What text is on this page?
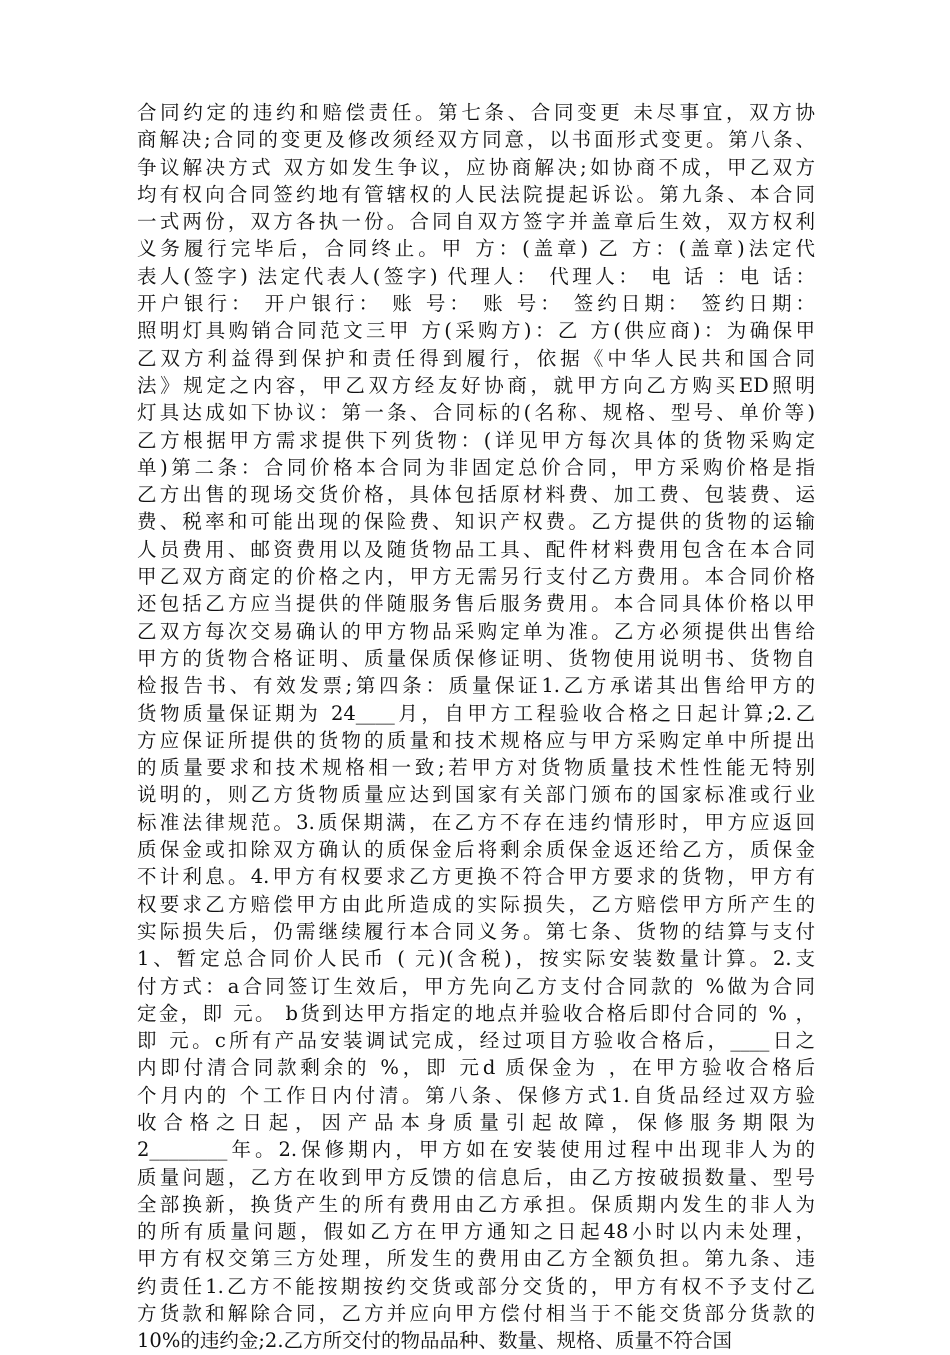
合同约定的违约和赔偿责任。第七条、合同变更 未尽事宜，双方协
商解决;合同的变更及修改须经双方同意，以书面形式变更。第八条、
争议解决方式 双方如发生争议，应协商解决;如协商不成，甲乙双方
均有权向合同签约地有管辖权的人民法院提起诉讼。第九条、本合同
一式两份，双方各执一份。合同自双方签字并盖章后生效，双方权利
义务履行完毕后，合同终止。甲 方：(盖章) 乙 方：(盖章)法定代
表人(签字) 法定代表人(签字) 代理人： 代理人： 电 话 ：电 话：
开户银行： 开户银行： 账 号： 账 号： 签约日期： 签约日期：
照明灯具购销合同范文三甲 方(采购方)：乙 方(供应商)：为确保甲
乙双方利益得到保护和责任得到履行，依据《中华人民共和国合同
法》规定之内容，甲乙双方经友好协商，就甲方向乙方购买ED照明
灯具达成如下协议：第一条、合同标的(名称、规格、型号、单价等)
乙方根据甲方需求提供下列货物：(详见甲方每次具体的货物采购定
单)第二条：合同价格本合同为非固定总价合同，甲方采购价格是指
乙方出售的现场交货价格，具体包括原材料费、加工费、包装费、运
费、税率和可能出现的保险费、知识产权费。乙方提供的货物的运输
人员费用、邮资费用以及随货物品工具、配件材料费用包含在本合同
甲乙双方商定的价格之内，甲方无需另行支付乙方费用。本合同价格
还包括乙方应当提供的伴随服务售后服务费用。本合同具体价格以甲
乙双方每次交易确认的甲方物品采购定单为准。乙方必须提供出售给
甲方的货物合格证明、质量保质保修证明、货物使用说明书、货物自
检报告书、有效发票;第四条：质量保证1.乙方承诺其出售给甲方的
货物质量保证期为 24____月，自甲方工程验收合格之日起计算;2.乙
方应保证所提供的货物的质量和技术规格应与甲方采购定单中所提出
的质量要求和技术规格相一致;若甲方对货物质量技术性性能无特别
说明的，则乙方货物质量应达到国家有关部门颁布的国家标准或行业
标准法律规范。3.质保期满，在乙方不存在违约情形时，甲方应返回
质保金或扣除双方确认的质保金后将剩余质保金返还给乙方，质保金
不计利息。4.甲方有权要求乙方更换不符合甲方要求的货物，甲方有
权要求乙方赔偿甲方由此所造成的实际损失，乙方赔偿甲方所产生的
实际损失后，仍需继续履行本合同义务。第七条、货物的结算与支付
1、暂定总合同价人民币 ( 元)(含税)，按实际安装数量计算。2.支
付方式：a合同签订生效后，甲方先向乙方支付合同款的 %做为合同
定金，即 元。 b货到达甲方指定的地点并验收合格后即付合同的 % ，
即 元。c所有产品安装调试完成，经过项目方验收合格后，____日之
内即付清合同款剩余的 %，即 元d 质保金为 ，在甲方验收合格后
个月内的 个工作日内付清。第八条、保修方式1.自货品经过双方验
收合格之日起，因产品本身质量引起故障，保修服务期限为
2________年。2.保修期内，甲方如在安装使用过程中出现非人为的
质量问题，乙方在收到甲方反馈的信息后，由乙方按破损数量、型号
全部换新，换货产生的所有费用由乙方承担。保质期内发生的非人为
的所有质量问题，假如乙方在甲方通知之日起48小时以内未处理，
甲方有权交第三方处理，所发生的费用由乙方全额负担。第九条、违
约责任1.乙方不能按期按约交货或部分交货的，甲方有权不予支付乙
方货款和解除合同，乙方并应向甲方偿付相当于不能交货部分货款的
10%的违约金;2.乙方所交付的物品品种、数量、规格、质量不符合国
